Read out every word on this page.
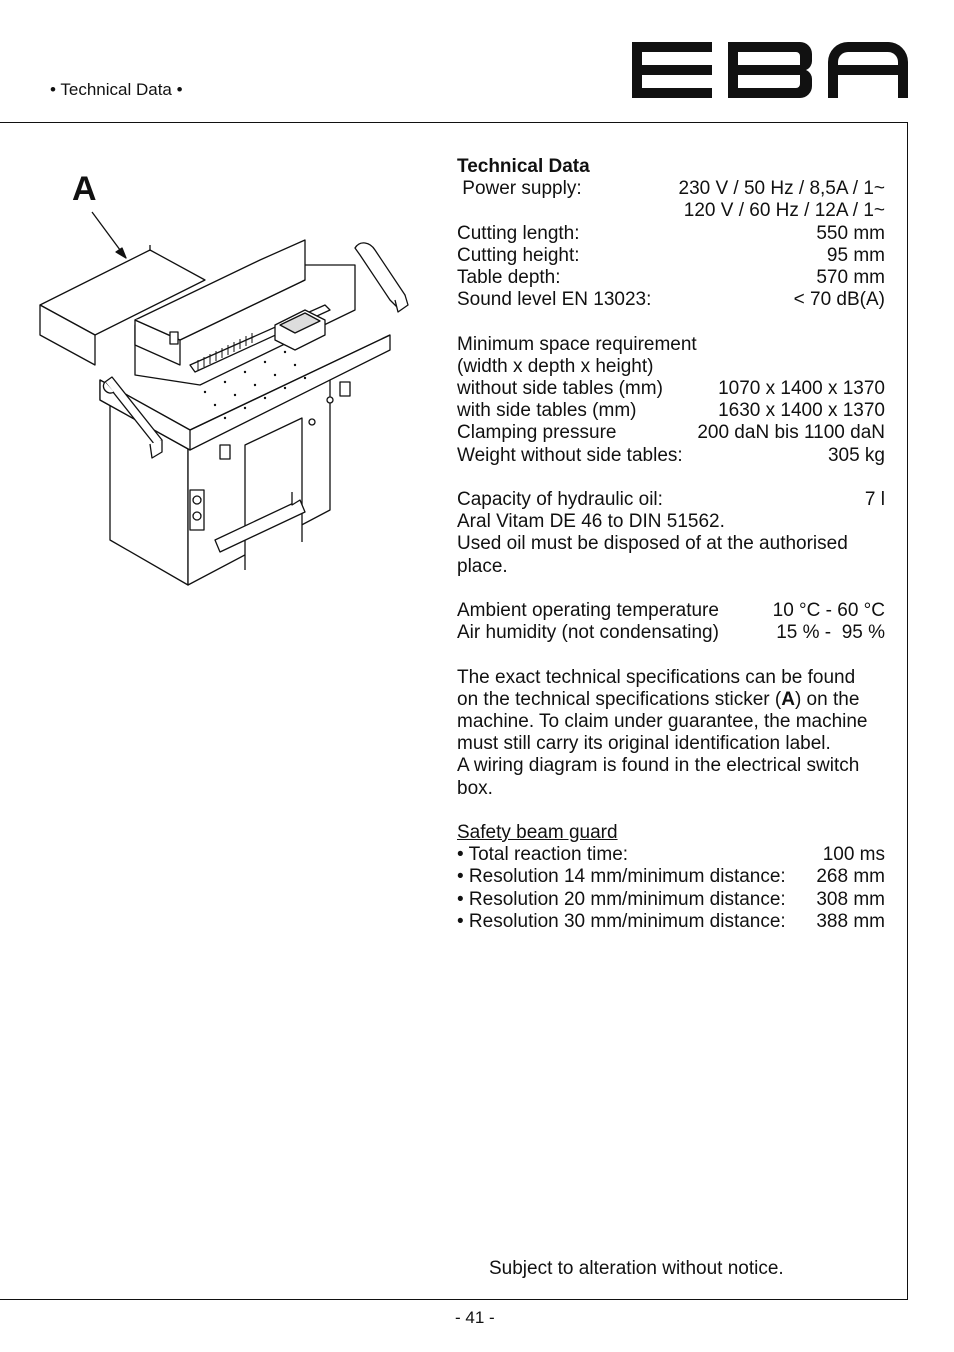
• Technical Data •
A
Technical Data
Power supply:	230 V / 50 Hz / 8,5A / 1~
120 V / 60 Hz / 12A / 1~
Cutting length:	550 mm
Cutting height:	95 mm
Table depth:	570 mm
Sound level EN 13023:	< 70 dB(A)
Minimum space requirement
(width x depth x height)
without side tables (mm)	1070 x 1400 x 1370
with side tables (mm)	1630 x 1400 x 1370
Clamping pressure	200 daN bis 1100 daN
Weight without side tables:	305 kg
Capacity of hydraulic oil:	7 l
Aral Vitam DE 46 to DIN 51562.
Used oil must be disposed of at the authorised
place.
Ambient operating temperature	10 °C - 60 °C
Air humidity (not condensating)	15 % -  95 %
The exact technical specifications can be found
on the technical specifications sticker (A) on the
machine. To claim under guarantee, the machine
must still carry its original identification label.
A wiring diagram is found in the electrical switch
box.
Safety beam guard
• Total reaction time:	100 ms
• Resolution 14 mm/minimum distance: 268 mm
• Resolution 20 mm/minimum distance: 308 mm
• Resolution 30 mm/minimum distance: 388 mm
Subject to alteration without notice.
- 41 -
